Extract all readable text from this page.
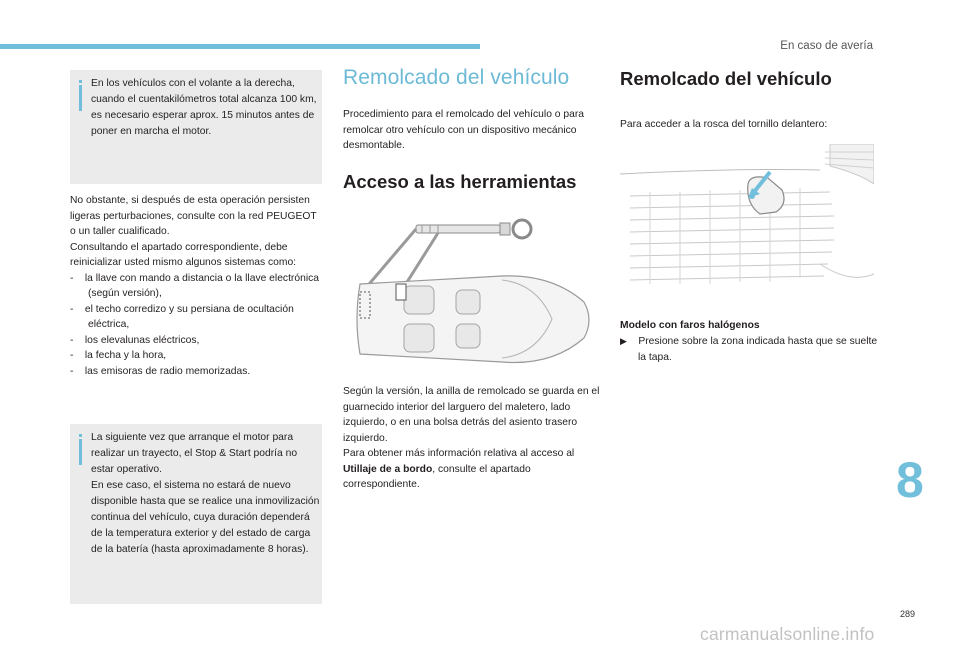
En caso de avería
En los vehículos con el volante a la derecha, cuando el cuentakilómetros total alcanza 100 km, es necesario esperar aprox. 15 minutos antes de poner en marcha el motor.
No obstante, si después de esta operación persisten ligeras perturbaciones, consulte con la red PEUGEOT o un taller cualificado.
Consultando el apartado correspondiente, debe reinicializar usted mismo algunos sistemas como:
-    la llave con mando a distancia o la llave electrónica (según versión),
-    el techo corredizo y su persiana de ocultación eléctrica,
-    los elevalunas eléctricos,
-    la fecha y la hora,
-    las emisoras de radio memorizadas.
La siguiente vez que arranque el motor para realizar un trayecto, el Stop & Start podría no estar operativo.
En ese caso, el sistema no estará de nuevo disponible hasta que se realice una inmovilización continua del vehículo, cuya duración dependerá de la temperatura exterior y del estado de carga de la batería (hasta aproximadamente 8 horas).
Remolcado del vehículo
Procedimiento para el remolcado del vehículo o para remolcar otro vehículo con un dispositivo mecánico desmontable.
Acceso a las herramientas
Según la versión, la anilla de remolcado se guarda en el guarnecido interior del larguero del maletero, lado izquierdo, o en una bolsa detrás del asiento trasero izquierdo.
Para obtener más información relativa al acceso al Utillaje de a bordo, consulte el apartado correspondiente.
Remolcado del vehículo
Para acceder a la rosca del tornillo delantero:
Modelo con faros halógenos
▶ Presione sobre la zona indicada hasta que se suelte la tapa.
8
289
carmanualsonline.info
